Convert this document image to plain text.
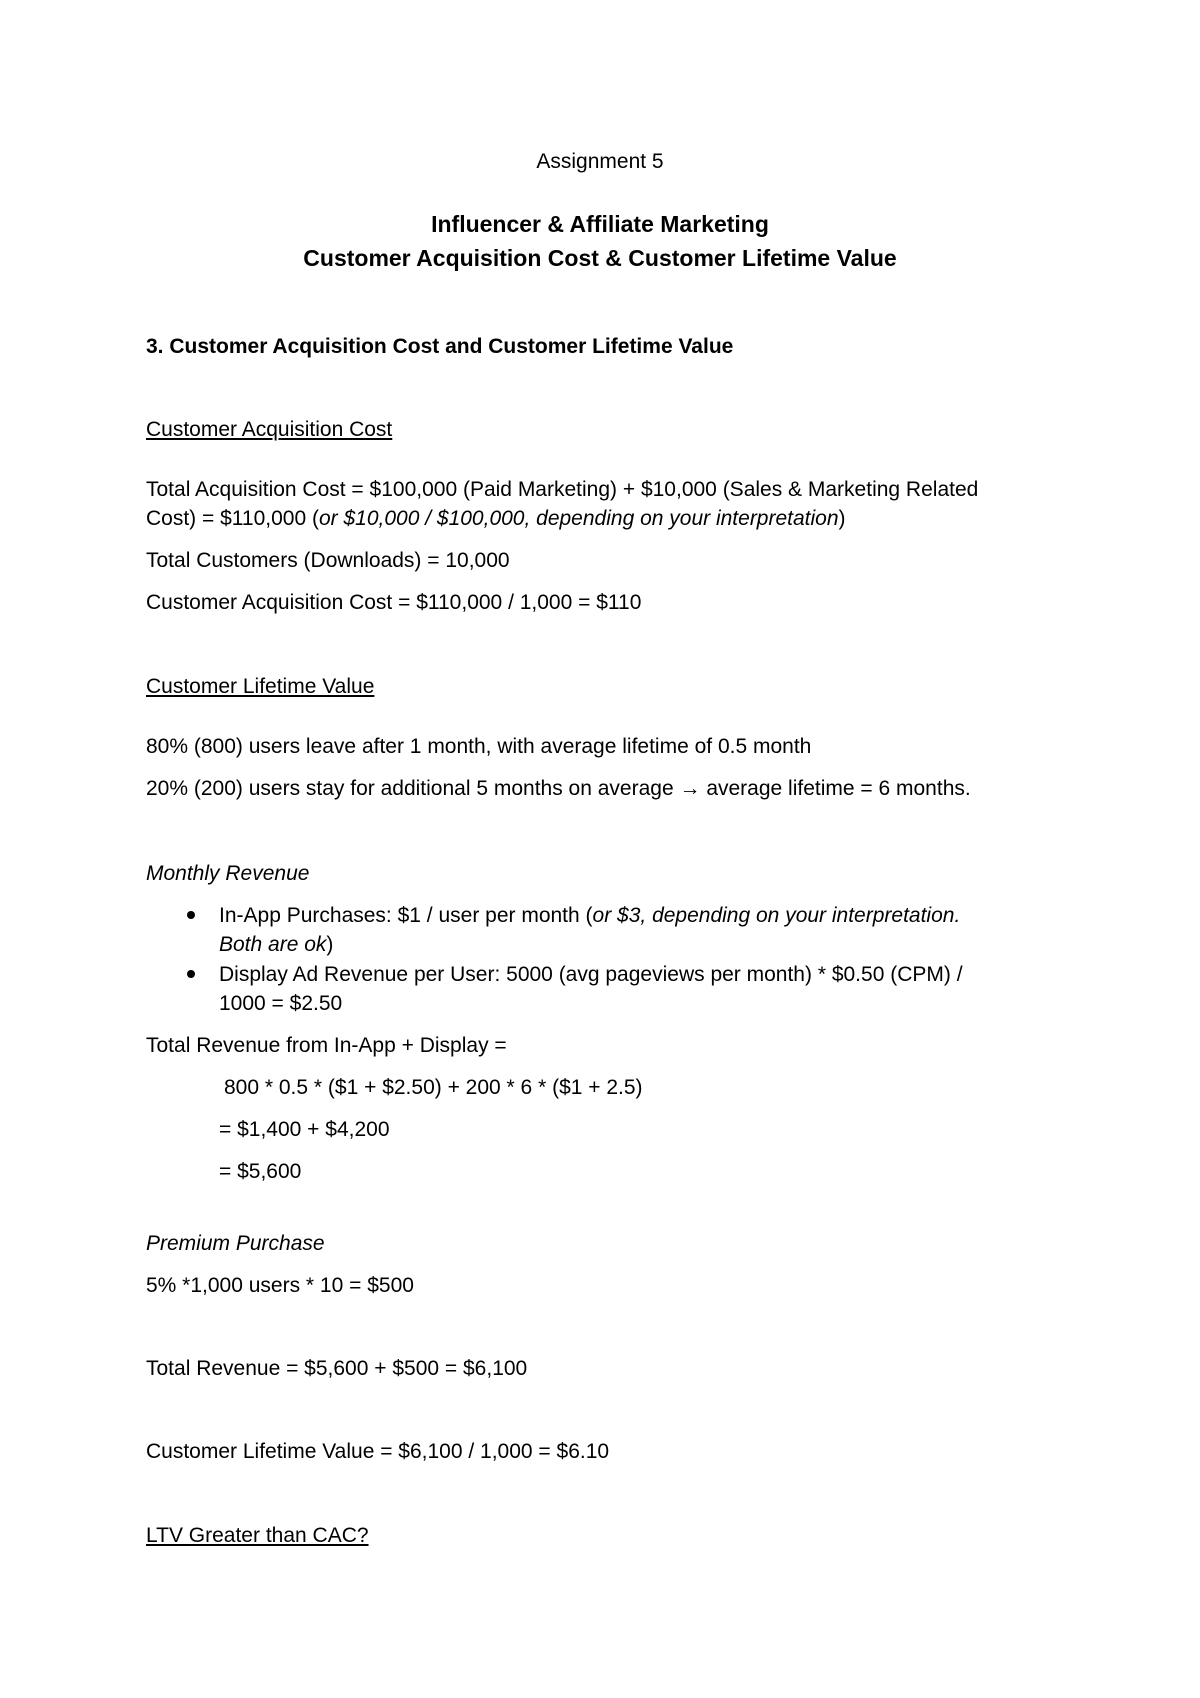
Assignment 5
Influencer & Affiliate Marketing
Customer Acquisition Cost & Customer Lifetime Value
3. Customer Acquisition Cost and Customer Lifetime Value
Customer Acquisition Cost
Total Acquisition Cost = $100,000 (Paid Marketing) + $10,000 (Sales & Marketing Related
Cost) = $110,000 (or $10,000 / $100,000, depending on your interpretation)
Total Customers (Downloads) = 10,000
Customer Acquisition Cost = $110,000 / 1,000 = $110
Customer Lifetime Value
80% (800) users leave after 1 month, with average lifetime of 0.5 month
20% (200) users stay for additional 5 months on average → average lifetime = 6 months.
Monthly Revenue
In-App Purchases: $1 / user per month (or $3, depending on your interpretation.
Both are ok)
Display Ad Revenue per User: 5000 (avg pageviews per month) * $0.50 (CPM) /
1000 = $2.50
Total Revenue from In-App + Display =
800 * 0.5 * ($1 + $2.50) + 200 * 6 * ($1 + 2.5)
= $1,400 + $4,200
= $5,600
Premium Purchase
5% *1,000 users * 10 = $500
Total Revenue = $5,600 + $500 = $6,100
Customer Lifetime Value = $6,100 / 1,000 = $6.10
LTV Greater than CAC?
